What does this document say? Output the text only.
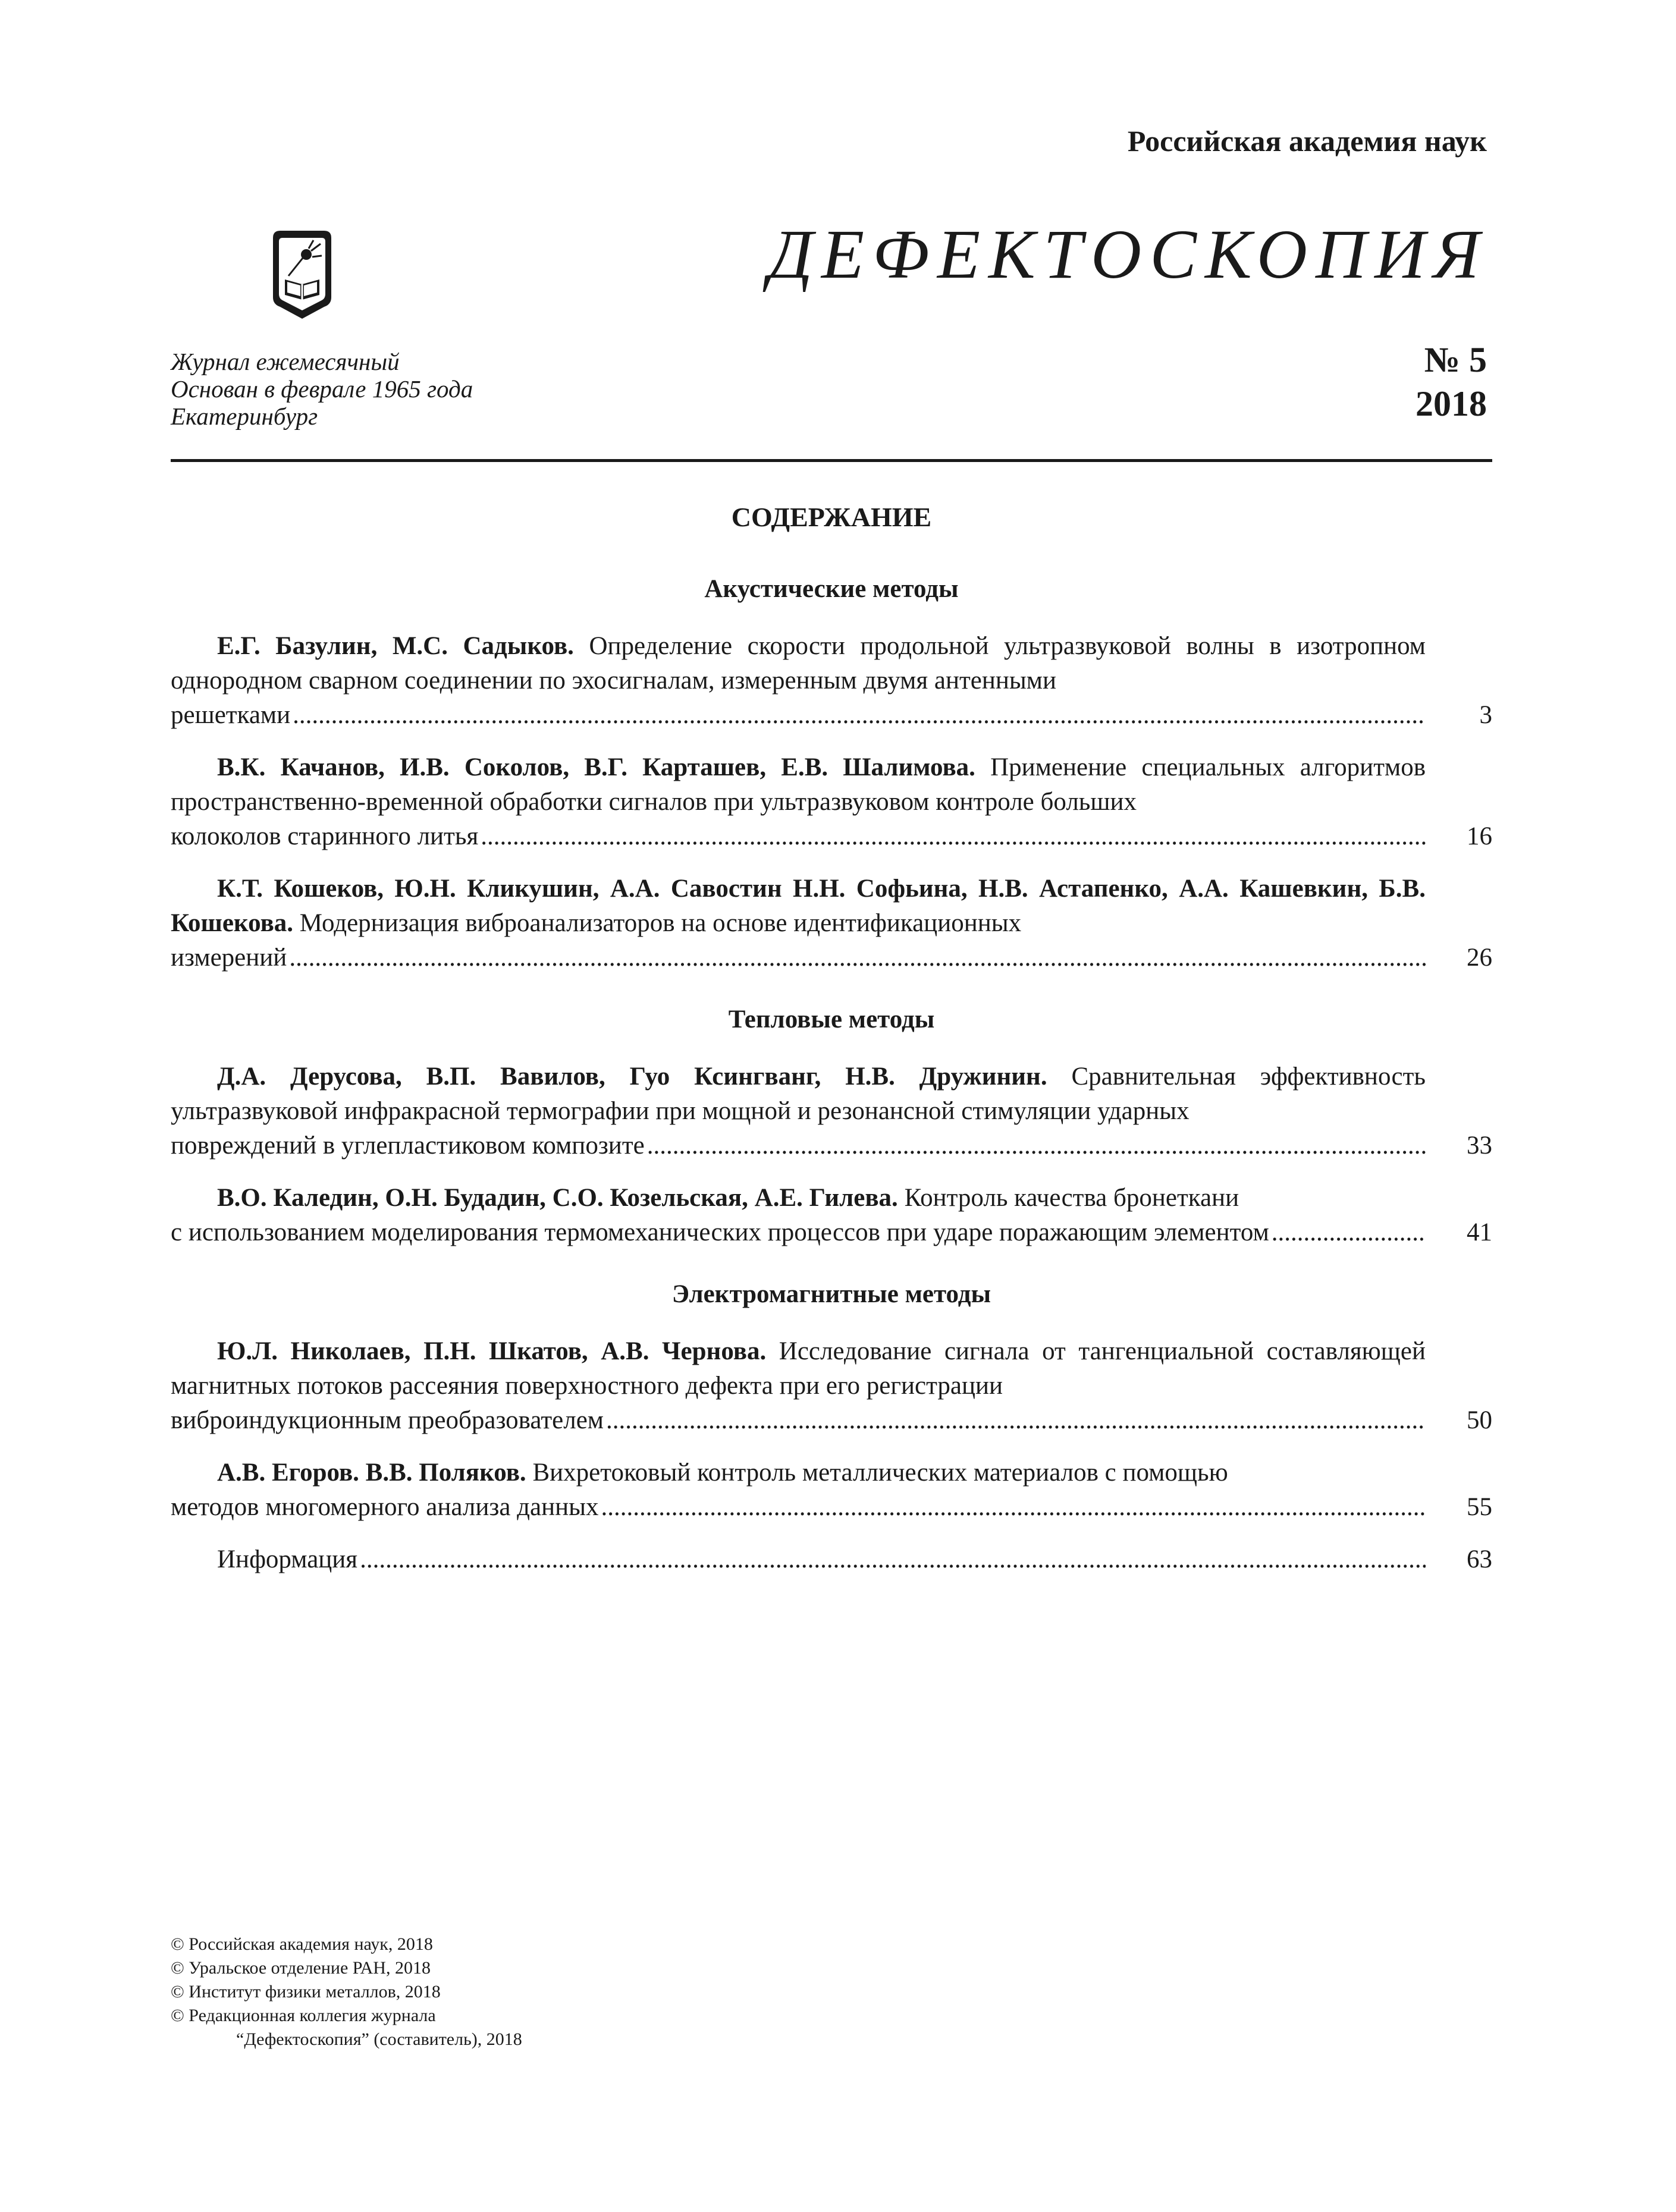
Российская академия наук
ДЕФЕКТОСКОПИЯ
Журнал ежемесячный
Основан в феврале 1965 года
Екатеринбург
№ 5
2018
СОДЕРЖАНИЕ
Акустические методы
Е.Г. Базулин, М.С. Садыков. Определение скорости продольной ультразвуковой волны в изотропном однородном сварном соединении по эхосигналам, измеренным двумя антенными
решетками .....	3
В.К. Качанов, И.В. Соколов, В.Г. Карташев, Е.В. Шалимова. Применение специальных алгоритмов пространственно-временной обработки сигналов при ультразвуковом контроле больших
колоколов старинного литья .....	16
К.Т. Кошеков, Ю.Н. Кликушин, А.А. Савостин Н.Н. Софьина, Н.В. Астапенко, А.А. Кашевкин, Б.В. Кошекова. Модернизация виброанализаторов на основе идентификационных
измерений .....	26
Тепловые методы
Д.А. Дерусова, В.П. Вавилов, Гуо Ксингванг, Н.В. Дружинин. Сравнительная эффективность ультразвуковой инфракрасной термографии при мощной и резонансной стимуляции ударных
повреждений в углепластиковом композите .....	33
В.О. Каледин, О.Н. Будадин, С.О. Козельская, А.Е. Гилева. Контроль качества бронеткани
с использованием моделирования термомеханических процессов при ударе поражающим элементом .....	41
Электромагнитные методы
Ю.Л. Николаев, П.Н. Шкатов, А.В. Чернова. Исследование сигнала от тангенциальной составляющей магнитных потоков рассеяния поверхностного дефекта при его регистрации
виброиндукционным преобразователем .....	50
А.В. Егоров. В.В. Поляков. Вихретоковый контроль металлических материалов с помощью
методов многомерного анализа данных .....	55
Информация .....	63
© Российская академия наук, 2018
© Уральское отделение РАН, 2018
© Институт физики металлов, 2018
© Редакционная коллегия журнала
“Дефектоскопия” (составитель), 2018
